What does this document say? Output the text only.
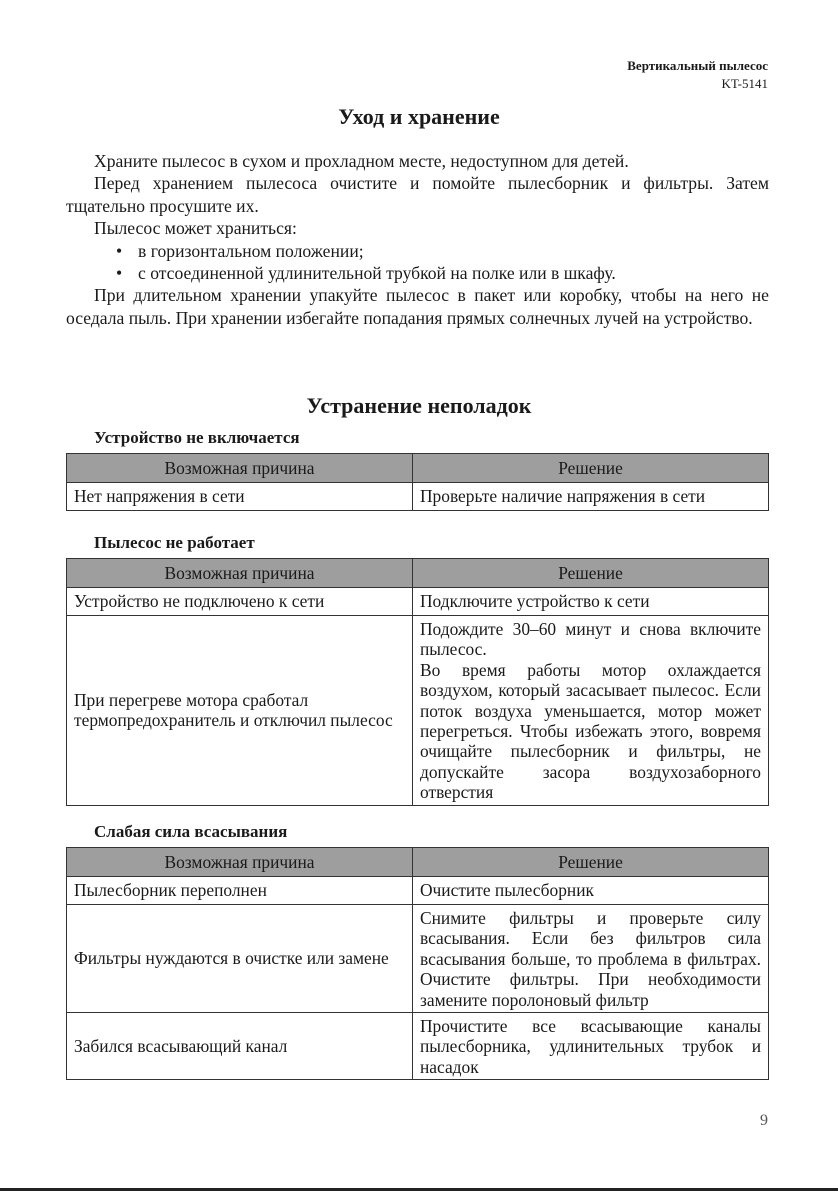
Вертикальный пылесос
KT-5141
Уход и хранение

Храните пылесос в сухом и прохладном месте, недоступном для детей.

Перед хранением пылесоса очистите и помойте пылесборник и фильтры. Затем тщательно просушите их.

Пылесос может храниться:

• в горизонтальном положении;
• с отсоединенной удлинительной трубкой на полке или в шкафу.

При длительном хранении упакуйте пылесос в пакет или коробку, чтобы на него не оседала пыль. При хранении избегайте попадания прямых солнечных лучей на устройство.

Устранение неполадок
Устройство не включается
Возможная причина	Решение
Нет напряжения в сети	Проверьте наличие напряжения в сети
Пылесос не работает
Возможная причина	Решение
Устройство не подключено к сети	Подключите устройство к сети
При перегреве мотора сработал термопредохранитель и отключил пылесос	Подождите 30–60 минут и снова включите пылесос.
Во время работы мотор охлаждается воздухом, который засасывает пылесос. Если поток воздуха уменьшается, мотор может перегреться. Чтобы избежать этого, вовремя очищайте пылесборник и фильтры, не допускайте засора воздухозаборного отверстия
Слабая сила всасывания
Возможная причина	Решение
Пылесборник переполнен	Очистите пылесборник
Фильтры нуждаются в очистке или замене	Снимите фильтры и проверьте силу всасывания. Если без фильтров сила всасывания больше, то проблема в фильтрах. Очистите фильтры. При необходимости замените поролоновый фильтр
Забился всасывающий канал	Прочистите все всасывающие каналы пылесборника, удлинительных трубок и насадок
9
